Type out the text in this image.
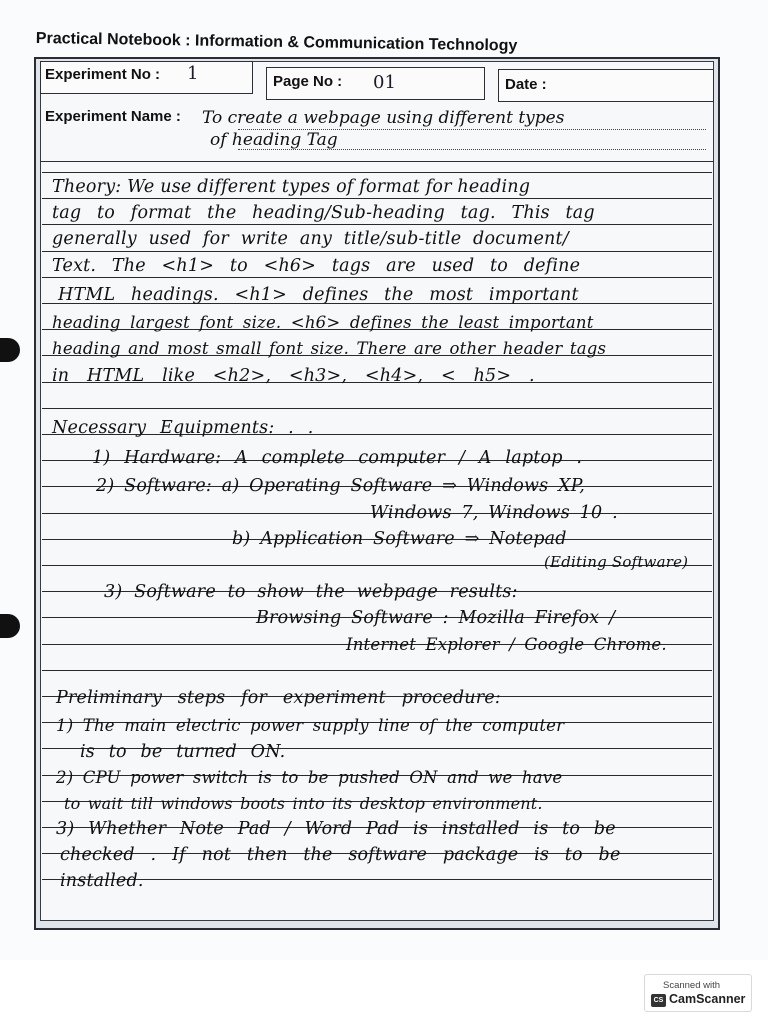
Practical Notebook : Information & Communication Technology
Experiment No : 1	Page No : 01	Date :
Experiment Name : To create a webpage using different types
of heading Tag
Theory: We use different types of format for heading
tag to format the heading/Sub-heading tag. This tag
generally used for write any title/sub-title document/
Text. The <h1> to <h6> tags are used to define
HTML headings. <h1> defines the most important
heading largest font size. <h6> defines the least important
heading and most small font size. There are other header tags
in HTML like <h2>, <h3>, <h4>, < h5> .
Necessary Equipments: . .
1) Hardware: A complete computer / A laptop .
2) Software: a) Operating Software ⇒ Windows XP,
Windows 7, Windows 10 .
b) Application Software ⇒ Notepad
(Editing Software)
3) Software to show the webpage results:
Browsing Software : Mozilla Firefox /
Internet Explorer / Google Chrome.
Preliminary steps for experiment procedure:
1) The main electric power supply line of the computer
is to be turned ON.
2) CPU power switch is to be pushed ON and we have
to wait till windows boots into its desktop environment.
3) Whether Note Pad / Word Pad is installed is to be
checked . If not then the software package is to be
installed.
Scanned with
CS CamScanner
